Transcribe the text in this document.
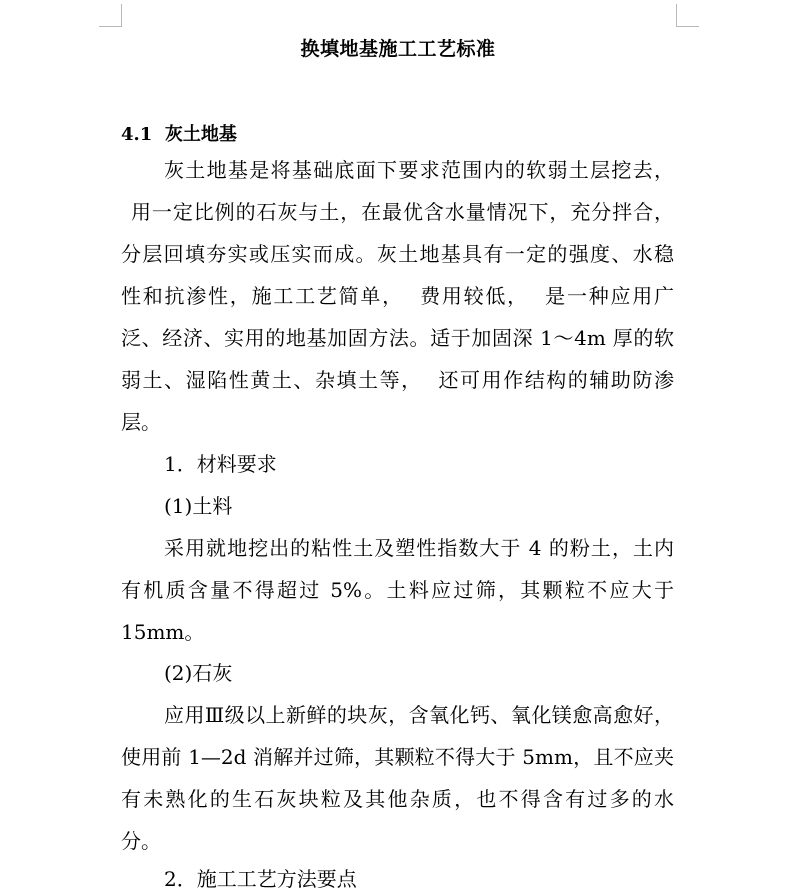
换填地基施工工艺标准
4.1 灰土地基
灰土地基是将基础底面下要求范围内的软弱土层挖去，
用一定比例的石灰与土，在最优含水量情况下，充分拌合，
分层回填夯实或压实而成。灰土地基具有一定的强度、水稳
性和抗渗性，施工工艺简单，  费用较低，  是一种应用广
泛、经济、实用的地基加固方法。适于加固深 1～4m 厚的软
弱土、湿陷性黄土、杂填土等，  还可用作结构的辅助防渗
层。
1．材料要求
(1)土料
采用就地挖出的粘性土及塑性指数大于 4 的粉土，土内
有机质含量不得超过 5%。土料应过筛，其颗粒不应大于
15mm。
(2)石灰
应用Ⅲ级以上新鲜的块灰，含氧化钙、氧化镁愈高愈好，
使用前 1—2d 消解并过筛，其颗粒不得大于 5mm，且不应夹
有未熟化的生石灰块粒及其他杂质，也不得含有过多的水
分。
2．施工工艺方法要点
